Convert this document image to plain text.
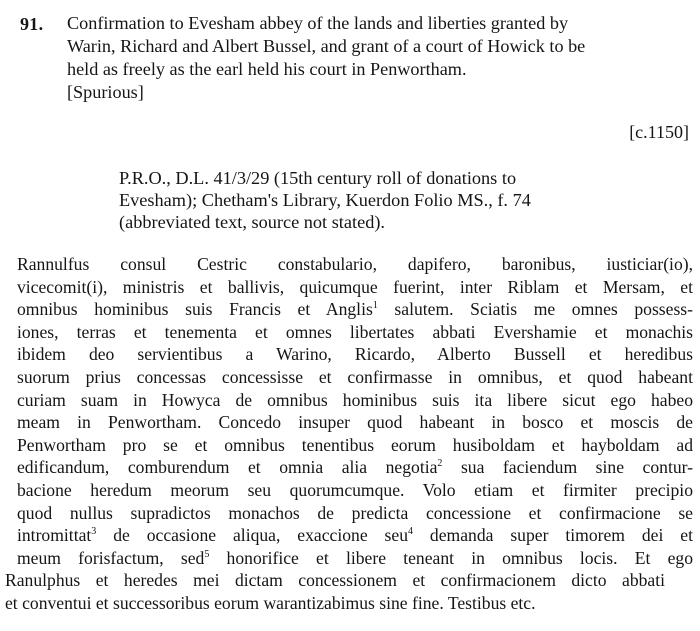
91. Confirmation to Evesham abbey of the lands and liberties granted by
Warin, Richard and Albert Bussel, and grant of a court of Howick to be
held as freely as the earl held his court in Penwortham.
[Spurious]
[c.1150]
P.R.O., D.L. 41/3/29 (15th century roll of donations to
Evesham); Chetham's Library, Kuerdon Folio MS., f. 74
(abbreviated text, source not stated).
Rannulfus consul Cestric constabulario, dapifero, baronibus, iusticiar(io),
vicecomit(i), ministris et ballivis, quicumque fuerint, inter Riblam et Mersam, et
omnibus hominibus suis Francis et Anglis$^1$ salutem. Sciatis me omnes possess-
iones, terras et tenementa et omnes libertates abbati Evershamie et monachis
ibidem deo servientibus a Warino, Ricardo, Alberto Bussell et heredibus
suorum prius concessas concessisse et confirmasse in omnibus, et quod habeant
curiam suam in Howyca de omnibus hominibus suis ita libere sicut ego habeo
meam in Penwortham. Concedo insuper quod habeant in bosco et moscis de
Penwortham pro se et omnibus tenentibus eorum husiboldam et hayboldam ad
edificandum, comburendum et omnia alia negotia$^2$ sua faciendum sine contur-
bacione heredum meorum seu quorumcumque. Volo etiam et firmiter precipio
quod nullus supradictos monachos de predicta concessione et confirmacione se
intromittat$^3$ de occasione aliqua, exaccione seu$^4$ demanda super timorem dei et
meum forisfactum, sed$^5$ honorifice et libere teneant in omnibus locis. Et ego
Ranulphus et heredes mei dictam concessionem et confirmacionem dicto abbati
et conventui et successoribus eorum warantizabimus sine fine. Testibus etc.
